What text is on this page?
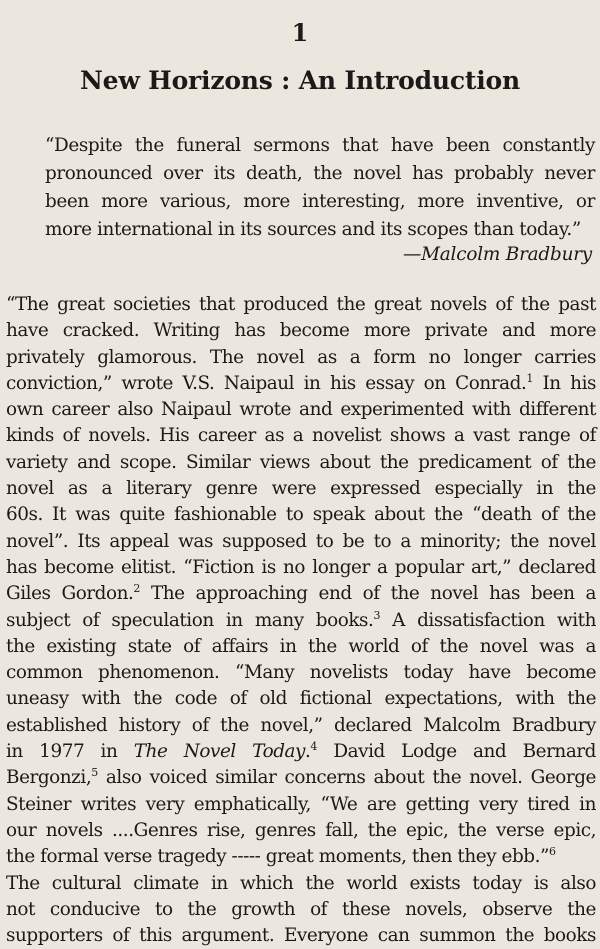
1
New Horizons : An Introduction
“Despite the funeral sermons that have been constantly
pronounced over its death, the novel has probably never
been more various, more interesting, more inventive, or
more international in its sources and its scopes than today.”
—Malcolm Bradbury
“The great societies that produced the great novels of the past
have cracked. Writing has become more private and more
privately glamorous. The novel as a form no longer carries
conviction,” wrote V.S. Naipaul in his essay on Conrad.$^1$ In his
own career also Naipaul wrote and experimented with different
kinds of novels. His career as a novelist shows a vast range of
variety and scope. Similar views about the predicament of the
novel as a literary genre were expressed especially in the
60s. It was quite fashionable to speak about the “death of the
novel”. Its appeal was supposed to be to a minority; the novel
has become elitist. “Fiction is no longer a popular art,” declared
Giles Gordon.$^2$ The approaching end of the novel has been a
subject of speculation in many books.$^3$ A dissatisfaction with
the existing state of affairs in the world of the novel was a
common phenomenon. “Many novelists today have become
uneasy with the code of old fictional expectations, with the
established history of the novel,” declared Malcolm Bradbury
in 1977 in The Novel Today.$^4$ David Lodge and Bernard
Bergonzi,$^5$ also voiced similar concerns about the novel. George
Steiner writes very emphatically, “We are getting very tired in
our novels ....Genres rise, genres fall, the epic, the verse epic,
the formal verse tragedy ----- great moments, then they ebb.”$^6$
The cultural climate in which the world exists today is also
not conducive to the growth of these novels, observe the
supporters of this argument. Everyone can summon the books
